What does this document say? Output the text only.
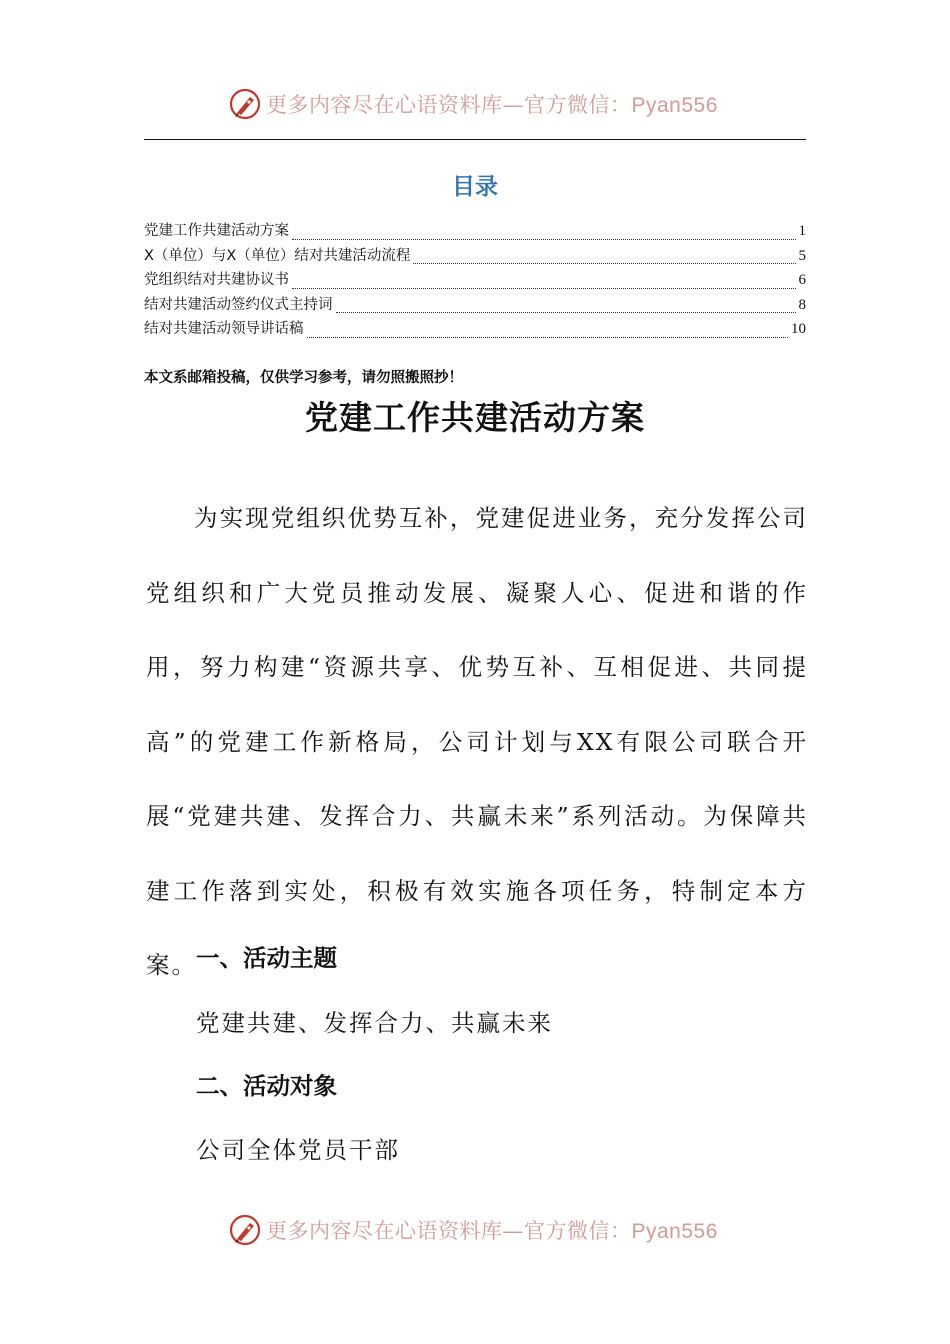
更多内容尽在心语资料库—官方微信：Pyan556
目录
党建工作共建活动方案	1
X（单位）与X（单位）结对共建活动流程	5
党组织结对共建协议书	6
结对共建活动签约仪式主持词	8
结对共建活动领导讲话稿	10
本文系邮箱投稿，仅供学习参考，请勿照搬照抄！
党建工作共建活动方案

为实现党组织优势互补，党建促进业务，充分发挥公司党组织和广大党员推动发展、凝聚人心、促进和谐的作用，努力构建“资源共享、优势互补、互相促进、共同提高”的党建工作新格局，公司计划与XX有限公司联合开展“党建共建、发挥合力、共赢未来”系列活动。为保障共建工作落到实处，积极有效实施各项任务，特制定本方案。 一、活动主题
党建共建、发挥合力、共赢未来
二、活动对象
公司全体党员干部
更多内容尽在心语资料库—官方微信：Pyan556
